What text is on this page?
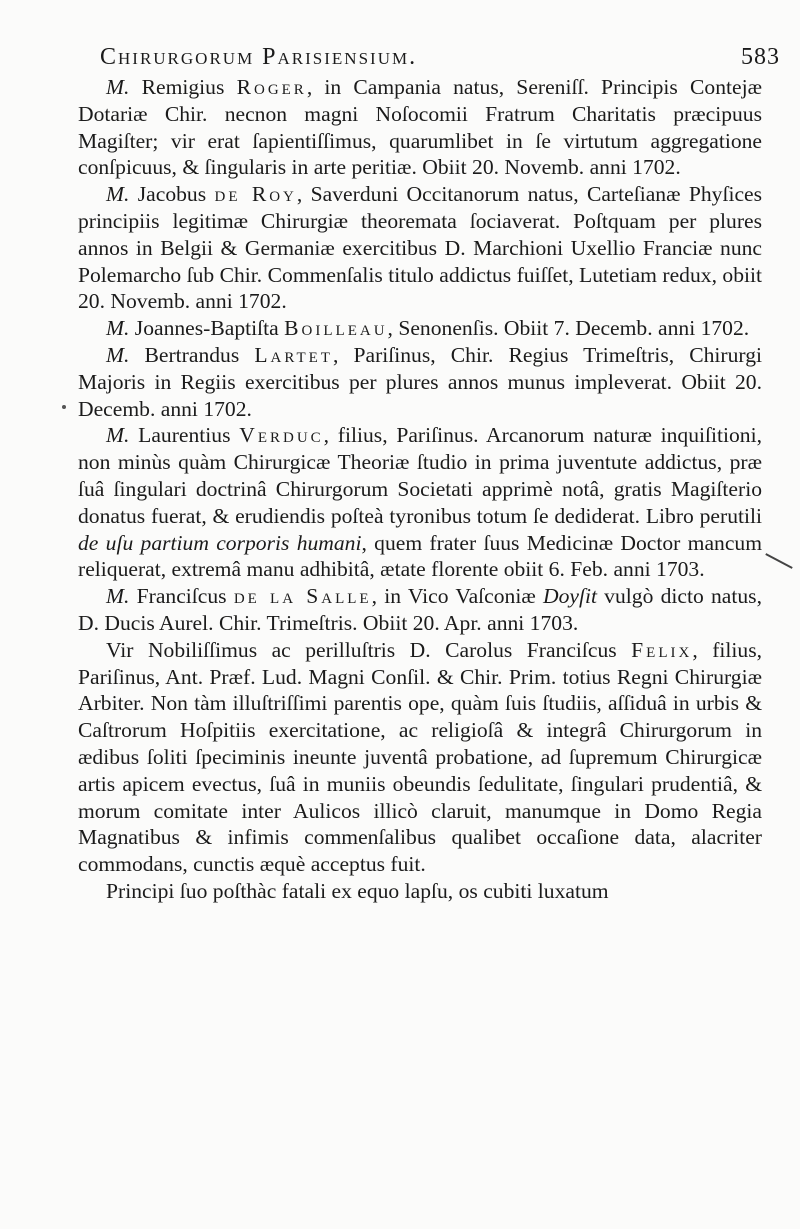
Chirurgorum Parisiensium.	583

M. Remigius Roger, in Campania natus, Sereniſſ. Principis Contejæ Dotariæ Chir. necnon magni Noſocomii Fratrum Charitatis præcipuus Magiſter; vir erat ſapientiſſimus, quarumlibet in ſe virtutum aggregatione conſpicuus, & ſingularis in arte peritiæ. Obiit 20. Novemb. anni 1702.

M. Jacobus de Roy, Saverduni Occitanorum natus, Carteſianæ Phyſices principiis legitimæ Chirurgiæ theoremata ſociaverat. Poſtquam per plures annos in Belgii & Germaniæ exercitibus D. Marchioni Uxellio Franciæ nunc Polemarcho ſub Chir. Commenſalis titulo addictus fuiſſet, Lutetiam redux, obiit 20. Novemb. anni 1702.

M. Joannes-Baptiſta Boilleau, Senonenſis. Obiit 7. Decemb. anni 1702.

M. Bertrandus Lartet, Pariſinus, Chir. Regius Trimeſtris, Chirurgi Majoris in Regiis exercitibus per plures annos munus impleverat. Obiit 20. Decemb. anni 1702.

M. Laurentius Verduc, filius, Pariſinus. Arcanorum naturæ inquiſitioni, non minùs quàm Chirurgicæ Theoriæ ſtudio in prima juventute addictus, præ ſuâ ſingulari doctrinâ Chirurgorum Societati apprimè notâ, gratis Magiſterio donatus fuerat, & erudiendis poſteà tyronibus totum ſe dediderat. Libro perutili de uſu partium corporis humani, quem frater ſuus Medicinæ Doctor mancum reliquerat, extremâ manu adhibitâ, ætate florente obiit 6. Feb. anni 1703.

M. Franciſcus de la Salle, in Vico Vaſconiæ Doyſit vulgò dicto natus, D. Ducis Aurel. Chir. Trimeſtris. Obiit 20. Apr. anni 1703.

Vir Nobiliſſimus ac perilluſtris D. Carolus Franciſcus Felix, filius, Pariſinus, Ant. Præf. Lud. Magni Conſil. & Chir. Prim. totius Regni Chirurgiæ Arbiter. Non tàm illuſtriſſimi parentis ope, quàm ſuis ſtudiis, aſſiduâ in urbis & Caſtrorum Hoſpitiis exercitatione, ac religioſâ & integrâ Chirurgorum in ædibus ſoliti ſpeciminis ineunte juventâ probatione, ad ſupremum Chirurgicæ artis apicem evectus, ſuâ in muniis obeundis ſedulitate, ſingulari prudentiâ, & morum comitate inter Aulicos illicò claruit, manumque in Domo Regia Magnatibus & infimis commenſalibus qualibet occaſione data, alacriter commodans, cunctis æquè acceptus fuit.

Principi ſuo poſthàc fatali ex equo lapſu, os cubiti luxatum
